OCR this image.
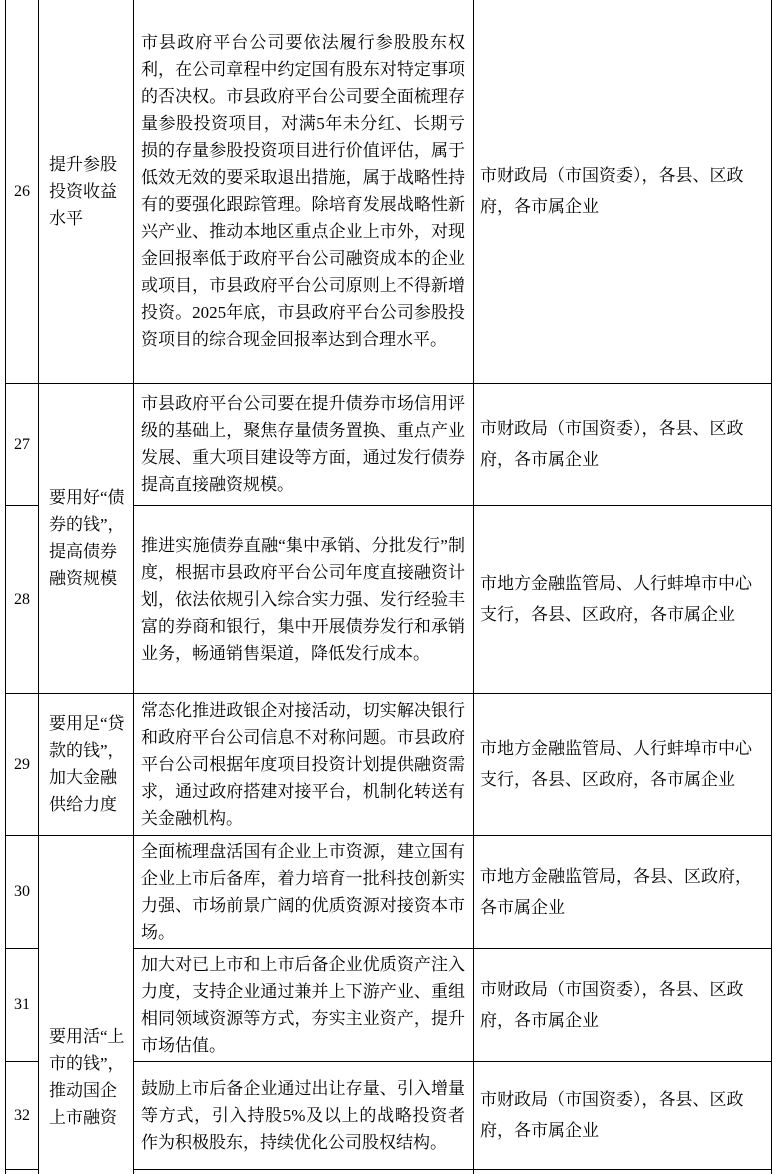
26	提升参股投资收益水平	市县政府平台公司要依法履行参股股东权利，在公司章程中约定国有股东对特定事项的否决权。市县政府平台公司要全面梳理存量参股投资项目，对满5年未分红、长期亏损的存量参股投资项目进行价值评估，属于低效无效的要采取退出措施，属于战略性持有的要强化跟踪管理。除培育发展战略性新兴产业、推动本地区重点企业上市外，对现金回报率低于政府平台公司融资成本的企业或项目，市县政府平台公司原则上不得新增投资。2025年底，市县政府平台公司参股投资项目的综合现金回报率达到合理水平。	市财政局（市国资委），各县、区政府，各市属企业
27	要用好“债券的钱”，提高债券融资规模	市县政府平台公司要在提升债券市场信用评级的基础上，聚焦存量债务置换、重点产业发展、重大项目建设等方面，通过发行债券提高直接融资规模。	市财政局（市国资委），各县、区政府，各市属企业
28		推进实施债券直融“集中承销、分批发行”制度，根据市县政府平台公司年度直接融资计划，依法依规引入综合实力强、发行经验丰富的券商和银行，集中开展债券发行和承销业务，畅通销售渠道，降低发行成本。	市地方金融监管局、人行蚌埠市中心支行，各县、区政府，各市属企业
29	要用足“贷款的钱”，加大金融供给力度	常态化推进政银企对接活动，切实解决银行和政府平台公司信息不对称问题。市县政府平台公司根据年度项目投资计划提供融资需求，通过政府搭建对接平台，机制化转送有关金融机构。	市地方金融监管局、人行蚌埠市中心支行，各县、区政府，各市属企业
30	要用活“上市的钱”，推动国企上市融资	全面梳理盘活国有企业上市资源，建立国有企业上市后备库，着力培育一批科技创新实力强、市场前景广阔的优质资源对接资本市场。	市地方金融监管局，各县、区政府，各市属企业
31		加大对已上市和上市后备企业优质资产注入力度，支持企业通过兼并上下游产业、重组相同领域资源等方式，夯实主业资产，提升市场估值。	市财政局（市国资委），各县、区政府，各市属企业
32		鼓励上市后备企业通过出让存量、引入增量等方式，引入持股5%及以上的战略投资者作为积极股东，持续优化公司股权结构。	市财政局（市国资委），各县、区政府，各市属企业
